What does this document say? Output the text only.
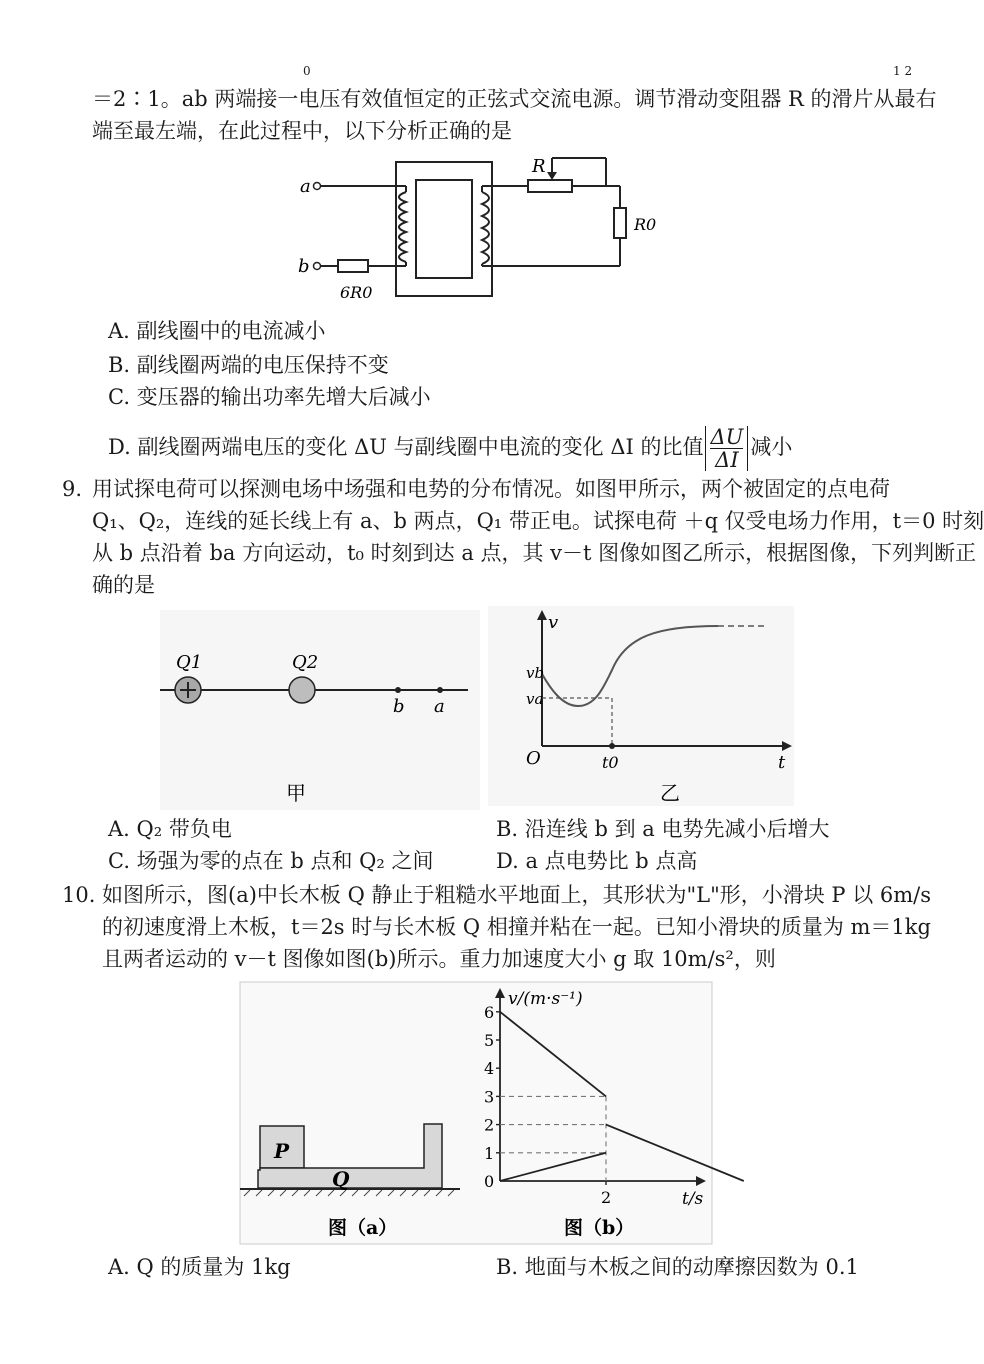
0	1 2
＝2∶1。ab 两端接一电压有效值恒定的正弦式交流电源。调节滑动变阻器 R 的滑片从最右
端至最左端，在此过程中，以下分析正确的是
a
b
R
R0
6R0
A. 副线圈中的电流减小
B. 副线圈两端的电压保持不变
C. 变压器的输出功率先增大后减小
D. 副线圈两端电压的变化 ΔU 与副线圈中电流的变化 ΔI 的比值 $\frac{\Delta U}{\Delta I}$ 减小
9. 用试探电荷可以探测电场中场强和电势的分布情况。如图甲所示，两个被固定的点电荷
Q₁、Q₂，连线的延长线上有 a、b 两点，Q₁ 带正电。试探电荷 ＋q 仅受电场力作用，t＝0 时刻
从 b 点沿着 ba 方向运动，t₀ 时刻到达 a 点，其 v－t 图像如图乙所示，根据图像，下列判断正
确的是
Q1	Q2
b a
甲
v
vb
va
O	t0	t
乙
A. Q₂ 带负电	B. 沿连线 b 到 a 电势先减小后增大
C. 场强为零的点在 b 点和 Q₂ 之间	D. a 点电势比 b 点高
10. 如图所示，图(a)中长木板 Q 静止于粗糙水平地面上，其形状为"L"形，小滑块 P 以 6m/s
的初速度滑上木板，t＝2s 时与长木板 Q 相撞并粘在一起。已知小滑块的质量为 m＝1kg
且两者运动的 v－t 图像如图(b)所示。重力加速度大小 g 取 10m/s²，则
P
Q
图（a）
v/(m·s⁻¹)
t/s
图（b）
0
1
2
3
4
5
6
2
A. Q 的质量为 1kg	B. 地面与木板之间的动摩擦因数为 0.1
